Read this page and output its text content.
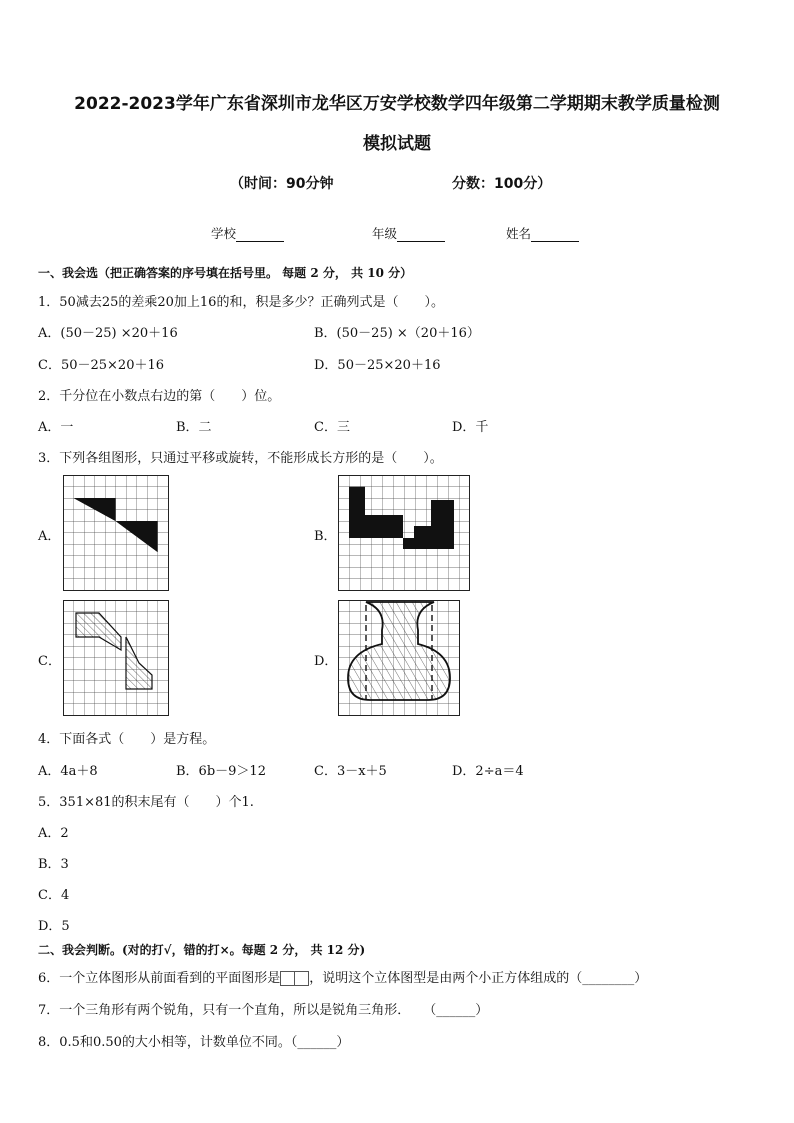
2022-2023学年广东省深圳市龙华区万安学校数学四年级第二学期期末教学质量检测
模拟试题
（时间：90分钟	分数：100分）
学校	年级	姓名
一、我会选（把正确答案的序号填在括号里。 每题 2 分， 共 10 分）
1．50减去25的差乘20加上16的和，积是多少？正确列式是（　　）。
A．(50－25) ×20＋16	B．(50－25) ×（20＋16）
C．50－25×20＋16	D．50－25×20＋16
2．千分位在小数点右边的第（　　）位。
A．一	B．二	C．三	D．千
3．下列各组图形，只通过平移或旋转，不能形成长方形的是（　　）。
A．	B．
C．	D．
4．下面各式（　　）是方程。
A．4a＋8	B．6b－9＞12	C．3－x＋5	D．2÷a＝4
5．351×81的积末尾有（　　）个1.
A．2
B．3
C．4
D．5
二、我会判断。(对的打√，错的打×。每题 2 分， 共 12 分)
6．一个立体图形从前面看到的平面图形是 ，说明这个立体图型是由两个小正方体组成的（________）
7．一个三角形有两个锐角，只有一个直角，所以是锐角三角形．　　（______）
8．0.5和0.50的大小相等，计数单位不同。（______）
